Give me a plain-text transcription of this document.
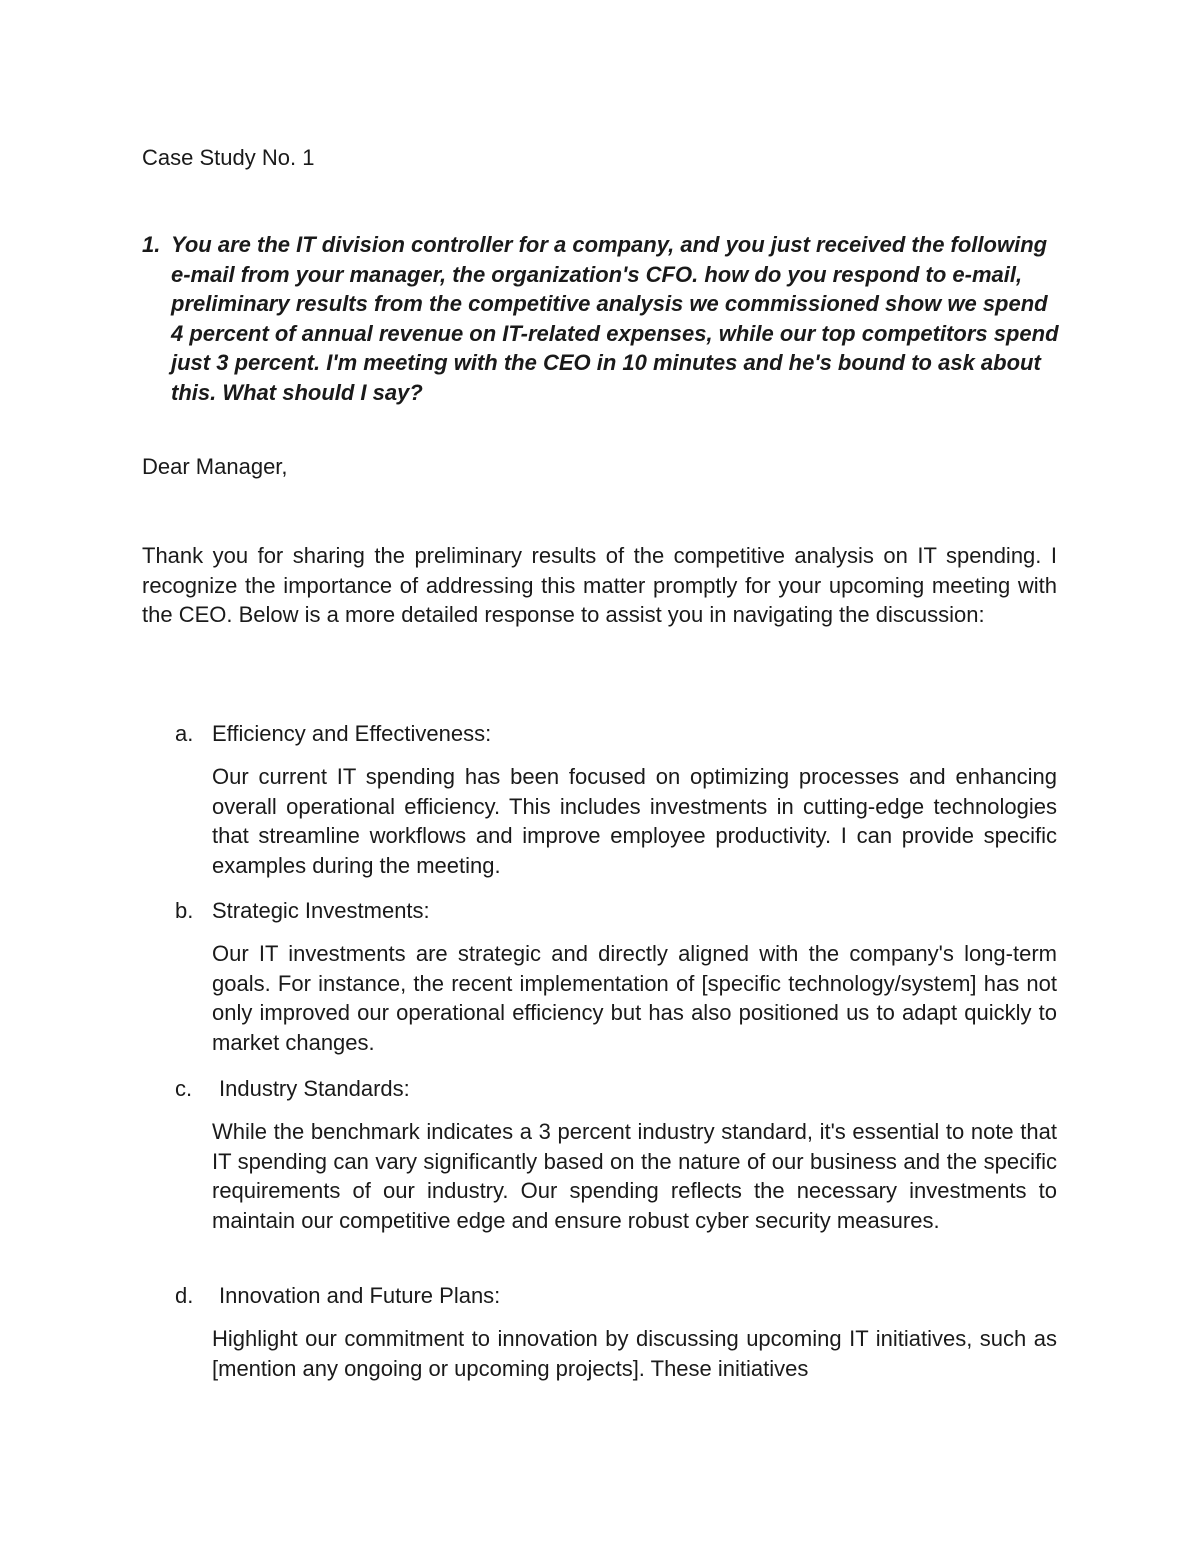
Case Study No. 1
1. You are the IT division controller for a company, and you just received the following e-mail from your manager, the organization's CFO. how do you respond to e-mail, preliminary results from the competitive analysis we commissioned show we spend 4 percent of annual revenue on IT-related expenses, while our top competitors spend just 3 percent. I'm meeting with the CEO in 10 minutes and he's bound to ask about this. What should I say?

Dear Manager,

Thank you for sharing the preliminary results of the competitive analysis on IT spending. I recognize the importance of addressing this matter promptly for your upcoming meeting with the CEO. Below is a more detailed response to assist you in navigating the discussion:

a. Efficiency and Effectiveness:

Our current IT spending has been focused on optimizing processes and enhancing overall operational efficiency. This includes investments in cutting-edge technologies that streamline workflows and improve employee productivity. I can provide specific examples during the meeting.

b. Strategic Investments:

Our IT investments are strategic and directly aligned with the company's long-term goals. For instance, the recent implementation of [specific technology/system] has not only improved our operational efficiency but has also positioned us to adapt quickly to market changes.

c. Industry Standards:

While the benchmark indicates a 3 percent industry standard, it's essential to note that IT spending can vary significantly based on the nature of our business and the specific requirements of our industry. Our spending reflects the necessary investments to maintain our competitive edge and ensure robust cyber security measures.

d. Innovation and Future Plans:

Highlight our commitment to innovation by discussing upcoming IT initiatives, such as [mention any ongoing or upcoming projects]. These initiatives
